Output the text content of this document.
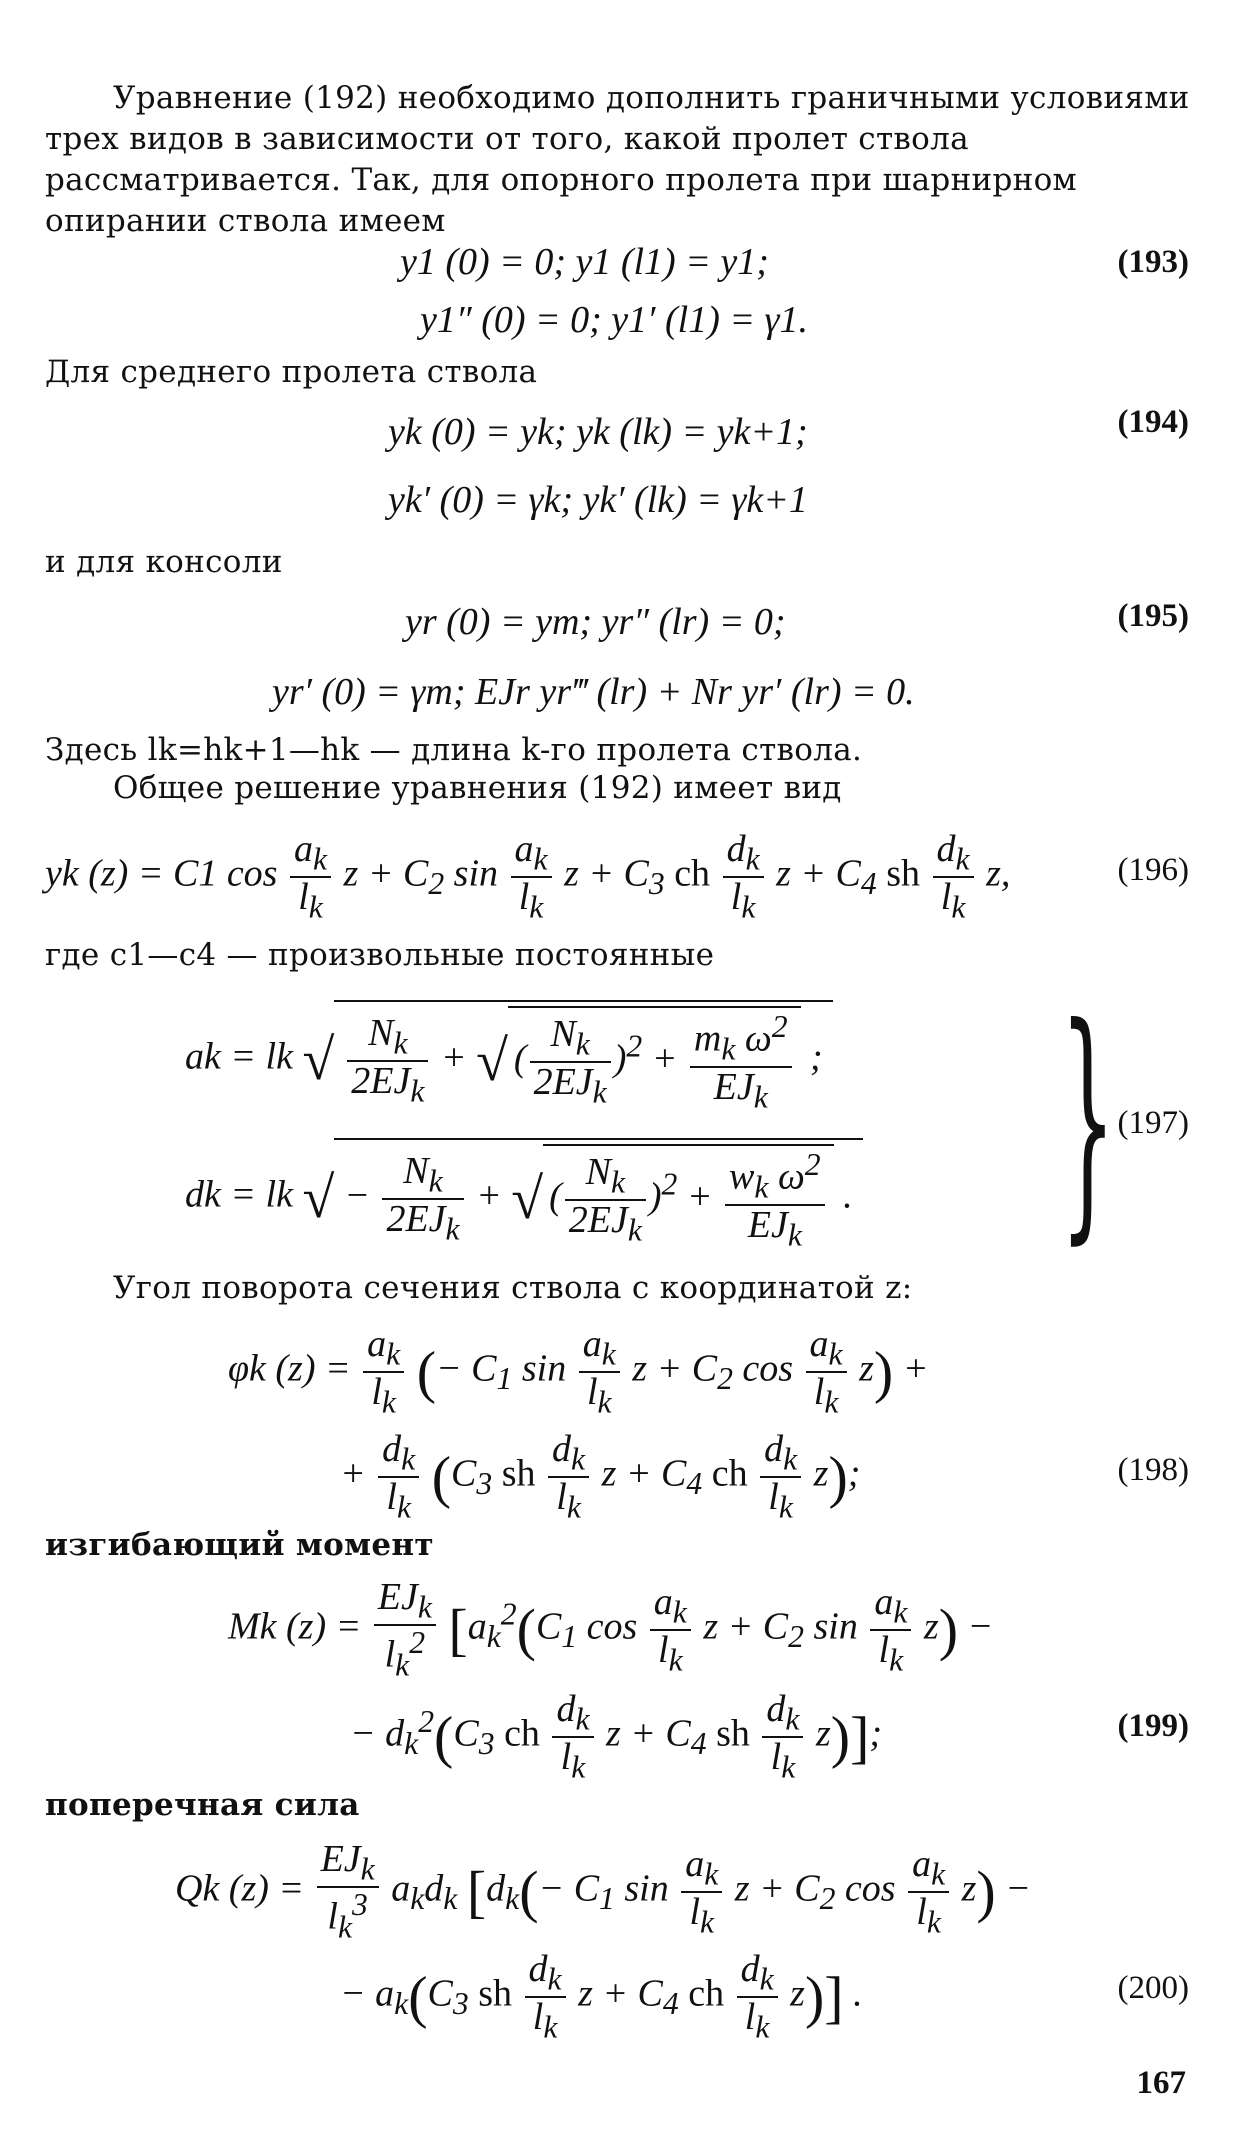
Уравнение (192) необходимо дополнить граничными условиями трех видов в зависимости от того, какой пролет ствола рассматривается. Так, для опорного пролета при шарнирном опирании ствола имеем
y1 (0) = 0; y1 (l1) = y1;	(193)
y1″ (0) = 0; y1′ (l1) = γ1.
Для среднего пролета ствола
yk (0) = yk; yk (lk) = yk+1;	(194)
yk′ (0) = γk; yk′ (lk) = γk+1
и для консоли
yr (0) = ym; yr″ (lr) = 0;	(195)
yr′ (0) = γm; EJr yr‴ (lr) + Nr yr′ (lr) = 0.
Здесь lk=hk+1—hk — длина k-го пролета ствола.
Общее решение уравнения (192) имеет вид
yk (z) = C1 $\cos \frac{a_k}{l_k}$ $z + C_2$ $\sin \frac{a_k}{l_k}$ $z + C_3$ ch $\frac{d_k}{l_k}$ $z + C_4$ sh $\frac{d_k}{l_k} z$,	(196)
где c1—c4 — произвольные постоянные
ak = lk √ $\frac{N_k}{2EJ_k}$ + √( $\frac{N_k}{2EJ_k} )^2 + \frac{m_k \omega^2}{EJ_k}$ ;
dk = lk √− $\frac{N_k}{2EJ_k}$ + √( $\frac{N_k}{2EJ_k} )^2 + \frac{w_k \omega^2}{EJ_k}$ . } (197)
Угол поворота сечения ствола с координатой z:
φk $(z) = \frac{a_k}{l_k}$ (− $C_1$ $\sin \frac{a_k}{l_k}$ $z + C_2$ $\cos \frac{a_k}{l_k} z$) +
+ $\frac{d_k}{l_k} (C_3$ sh $\frac{d_k}{l_k}$ $z + C_4$ ch $\frac{d_k}{l_k} z$);	(198)
изгибающий момент
Mk $(z) = \frac{EJ_k}{l_k^2} [a_k^2(C_1$ $\cos \frac{a_k}{l_k}$ $z + C_2$ $\sin \frac{a_k}{l_k} z$) −
− $d_k^2(C_3$ ch $\frac{d_k}{l_k}$ $z + C_4$ sh $\frac{d_k}{l_k} z$)];	(199)
поперечная сила
Qk $(z) = \frac{EJ_k}{l_k^3} a_kd_k$ [$d_k(- C_1$ $\sin \frac{a_k}{l_k}$ $z + C_2$ $\cos \frac{a_k}{l_k} z$) −
− $a_k(C_3$ sh $\frac{d_k}{l_k}$ $z + C_4$ ch $\frac{d_k}{l_k} z$)] .	(200)
167
